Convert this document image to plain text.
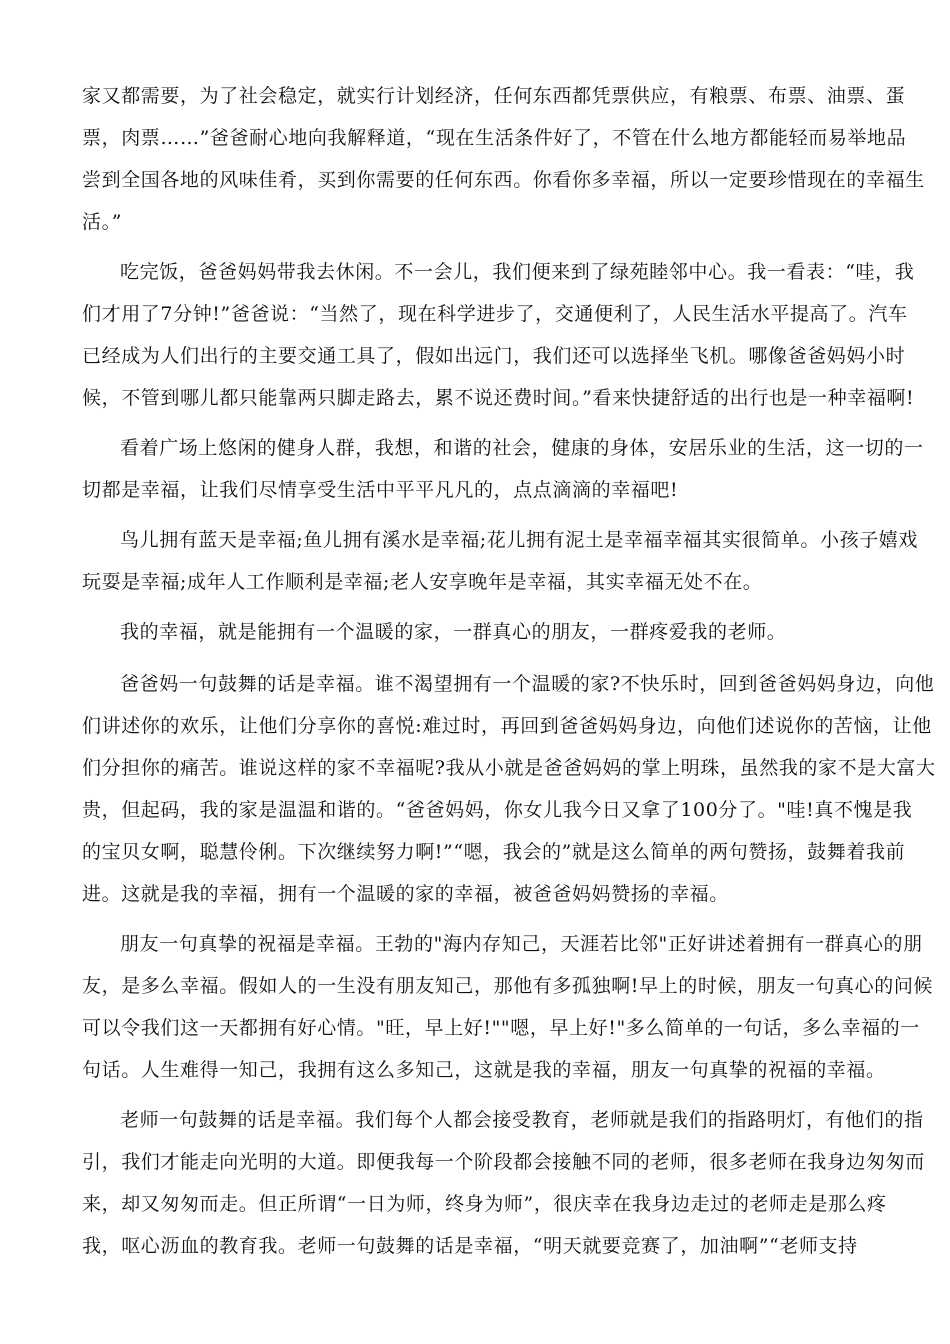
家又都需要，为了社会稳定，就实行计划经济，任何东西都凭票供应，有粮票、布票、油票、蛋
票，肉票……”爸爸耐心地向我解释道，“现在生活条件好了，不管在什么地方都能轻而易举地品
尝到全国各地的风味佳肴，买到你需要的任何东西。你看你多幸福，所以一定要珍惜现在的幸福生
活。”
吃完饭，爸爸妈妈带我去休闲。不一会儿，我们便来到了绿苑睦邻中心。我一看表：“哇，我
们才用了7分钟!”爸爸说：“当然了，现在科学进步了，交通便利了，人民生活水平提高了。汽车
已经成为人们出行的主要交通工具了，假如出远门，我们还可以选择坐飞机。哪像爸爸妈妈小时
候，不管到哪儿都只能靠两只脚走路去，累不说还费时间。”看来快捷舒适的出行也是一种幸福啊!
看着广场上悠闲的健身人群，我想，和谐的社会，健康的身体，安居乐业的生活，这一切的一
切都是幸福，让我们尽情享受生活中平平凡凡的，点点滴滴的幸福吧!
鸟儿拥有蓝天是幸福;鱼儿拥有溪水是幸福;花儿拥有泥土是幸福幸福其实很简单。小孩子嬉戏
玩耍是幸福;成年人工作顺利是幸福;老人安享晚年是幸福，其实幸福无处不在。
我的幸福，就是能拥有一个温暖的家，一群真心的朋友，一群疼爱我的老师。
爸爸妈一句鼓舞的话是幸福。谁不渴望拥有一个温暖的家?不快乐时，回到爸爸妈妈身边，向他
们讲述你的欢乐，让他们分享你的喜悦:难过时，再回到爸爸妈妈身边，向他们述说你的苦恼，让他
们分担你的痛苦。谁说这样的家不幸福呢?我从小就是爸爸妈妈的掌上明珠，虽然我的家不是大富大
贵，但起码，我的家是温温和谐的。“爸爸妈妈，你女儿我今日又拿了100分了。"哇!真不愧是我
的宝贝女啊，聪慧伶俐。下次继续努力啊!”“嗯，我会的”就是这么简单的两句赞扬，鼓舞着我前
进。这就是我的幸福，拥有一个温暖的家的幸福，被爸爸妈妈赞扬的幸福。
朋友一句真挚的祝福是幸福。王勃的"海内存知己，天涯若比邻"正好讲述着拥有一群真心的朋
友，是多么幸福。假如人的一生没有朋友知己，那他有多孤独啊!早上的时候，朋友一句真心的问候
可以令我们这一天都拥有好心情。"旺，早上好!""嗯，早上好!"多么简单的一句话，多么幸福的一
句话。人生难得一知己，我拥有这么多知己，这就是我的幸福，朋友一句真挚的祝福的幸福。
老师一句鼓舞的话是幸福。我们每个人都会接受教育，老师就是我们的指路明灯，有他们的指
引，我们才能走向光明的大道。即便我每一个阶段都会接触不同的老师，很多老师在我身边匆匆而
来，却又匆匆而走。但正所谓“一日为师，终身为师”，很庆幸在我身边走过的老师走是那么疼
我，呕心沥血的教育我。老师一句鼓舞的话是幸福，“明天就要竞赛了，加油啊”“老师支持
